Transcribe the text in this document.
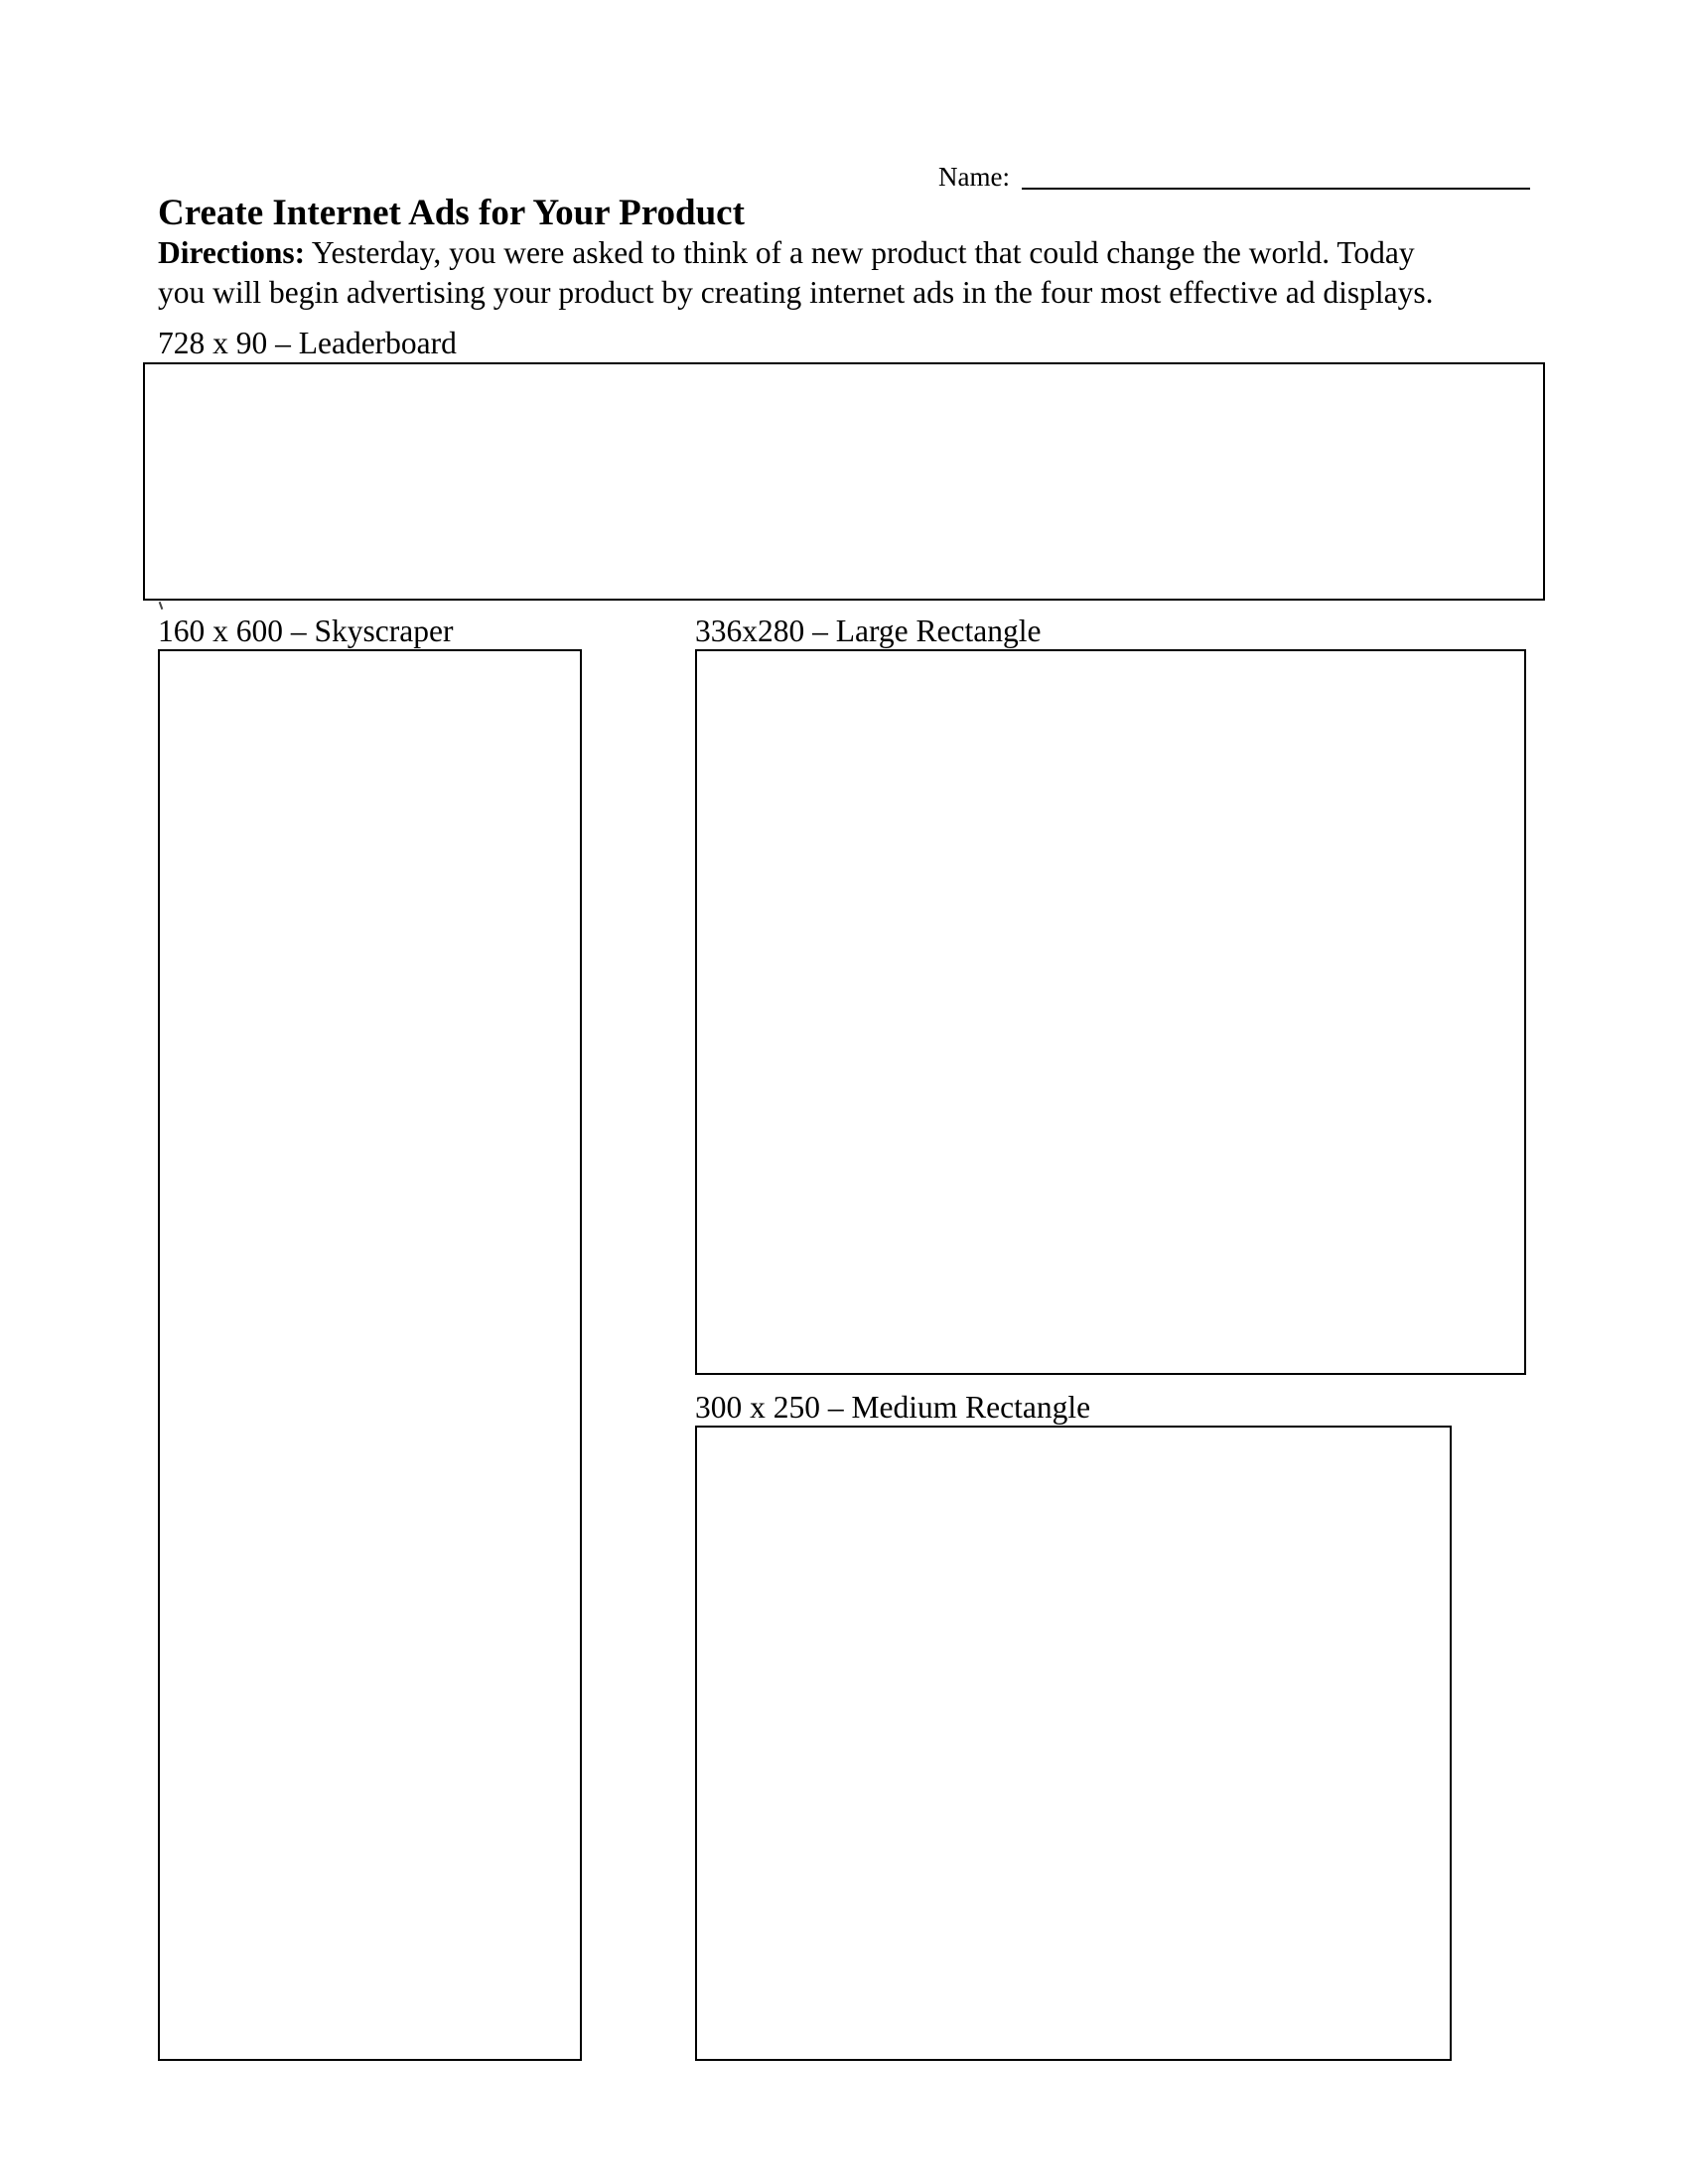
Name:
Create Internet Ads for Your Product
Directions: Yesterday, you were asked to think of a new product that could change the world. Today
you will begin advertising your product by creating internet ads in the four most effective ad displays.
728 x 90 – Leaderboard
160 x 600 – Skyscraper	336x280 – Large Rectangle
300 x 250 – Medium Rectangle
